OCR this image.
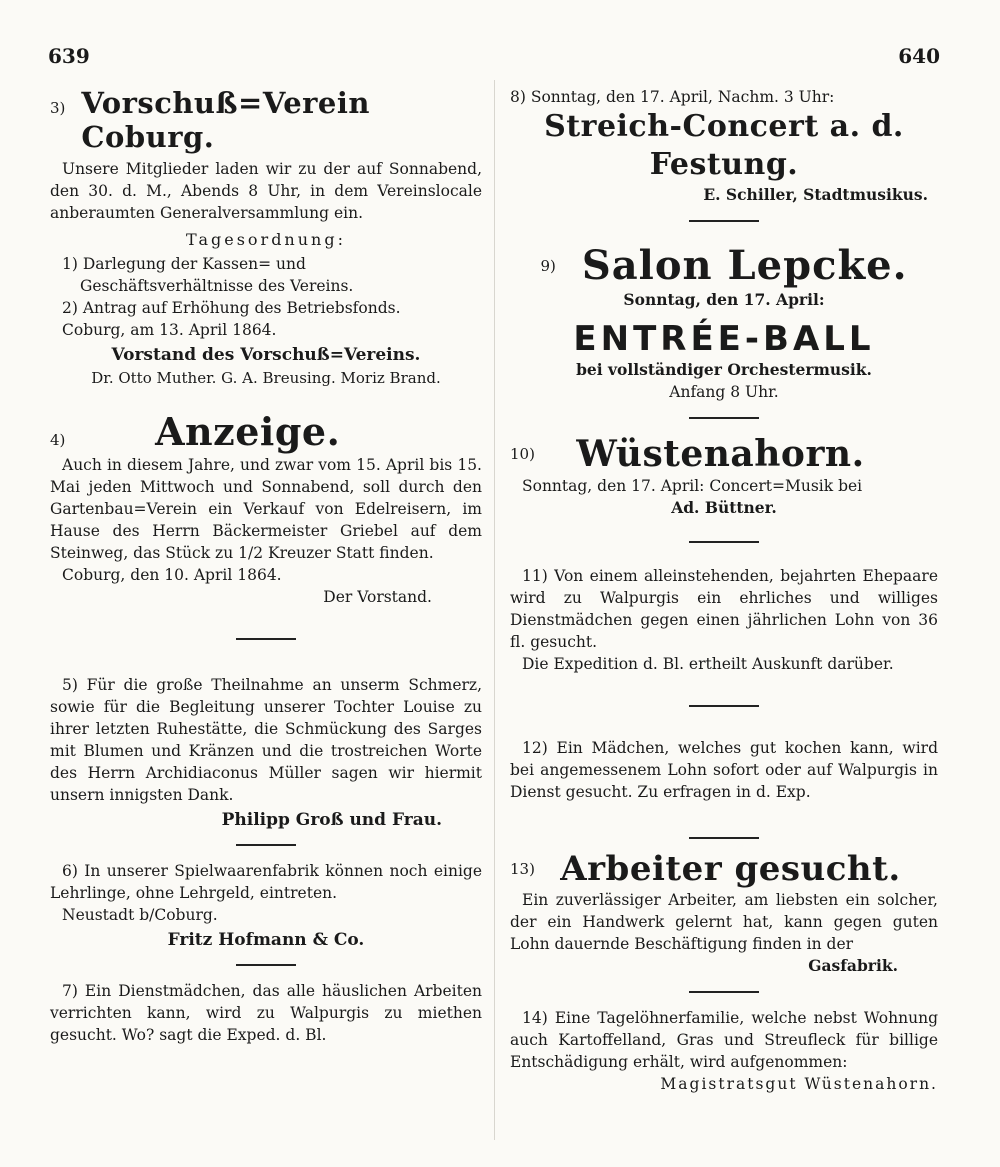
639	640
3) Vorschuß=Verein Coburg.

Unsere Mitglieder laden wir zu der auf Sonnabend, den 30. d. M., Abends 8 Uhr, in dem Vereinslocale anberaumten Generalversammlung ein.

Tagesordnung:
1) Darlegung der Kassen= und Geschäftsverhältnisse des Vereins.
2) Antrag auf Erhöhung des Betriebsfonds.

Coburg, am 13. April 1864.

Vorstand des Vorschuß=Vereins.
Dr. Otto Muther. G. A. Breusing. Moriz Brand.
4)	Anzeige.

Auch in diesem Jahre, und zwar vom 15. April bis 15. Mai jeden Mittwoch und Sonnabend, soll durch den Gartenbau=Verein ein Verkauf von Edelreisern, im Hause des Herrn Bäckermeister Griebel auf dem Steinweg, das Stück zu 1/2 Kreuzer Statt finden.

Coburg, den 10. April 1864.

Der Vorstand.

5) Für die große Theilnahme an unserm Schmerz, sowie für die Begleitung unserer Tochter Louise zu ihrer letzten Ruhestätte, die Schmückung des Sarges mit Blumen und Kränzen und die trostreichen Worte des Herrn Archidiaconus Müller sagen wir hiermit unsern innigsten Dank.

Philipp Groß und Frau.

6) In unserer Spielwaarenfabrik können noch einige Lehrlinge, ohne Lehrgeld, eintreten.

Neustadt b/Coburg.

Fritz Hofmann & Co.

7) Ein Dienstmädchen, das alle häuslichen Arbeiten verrichten kann, wird zu Walpurgis zu miethen gesucht. Wo? sagt die Exped. d. Bl.

8) Sonntag, den 17. April, Nachm. 3 Uhr:

Streich-Concert a. d. Festung.

E. Schiller, Stadtmusikus.

9) Salon Lepcke.

Sonntag, den 17. April:

ENTRÉE-BALL

bei vollständiger Orchestermusik.

Anfang 8 Uhr.

10)	Wüstenahorn.

Sonntag, den 17. April: Concert=Musik bei

Ad. Büttner.

11) Von einem alleinstehenden, bejahrten Ehepaare wird zu Walpurgis ein ehrliches und williges Dienstmädchen gegen einen jährlichen Lohn von 36 fl. gesucht.

Die Expedition d. Bl. ertheilt Auskunft darüber.

12) Ein Mädchen, welches gut kochen kann, wird bei angemessenem Lohn sofort oder auf Walpurgis in Dienst gesucht. Zu erfragen in d. Exp.

13) Arbeiter gesucht.

Ein zuverlässiger Arbeiter, am liebsten ein solcher, der ein Handwerk gelernt hat, kann gegen guten Lohn dauernde Beschäftigung finden in der

Gasfabrik.

14) Eine Tagelöhnerfamilie, welche nebst Wohnung auch Kartoffelland, Gras und Streufleck für billige Entschädigung erhält, wird aufgenommen:

Magistratsgut Wüstenahorn.
